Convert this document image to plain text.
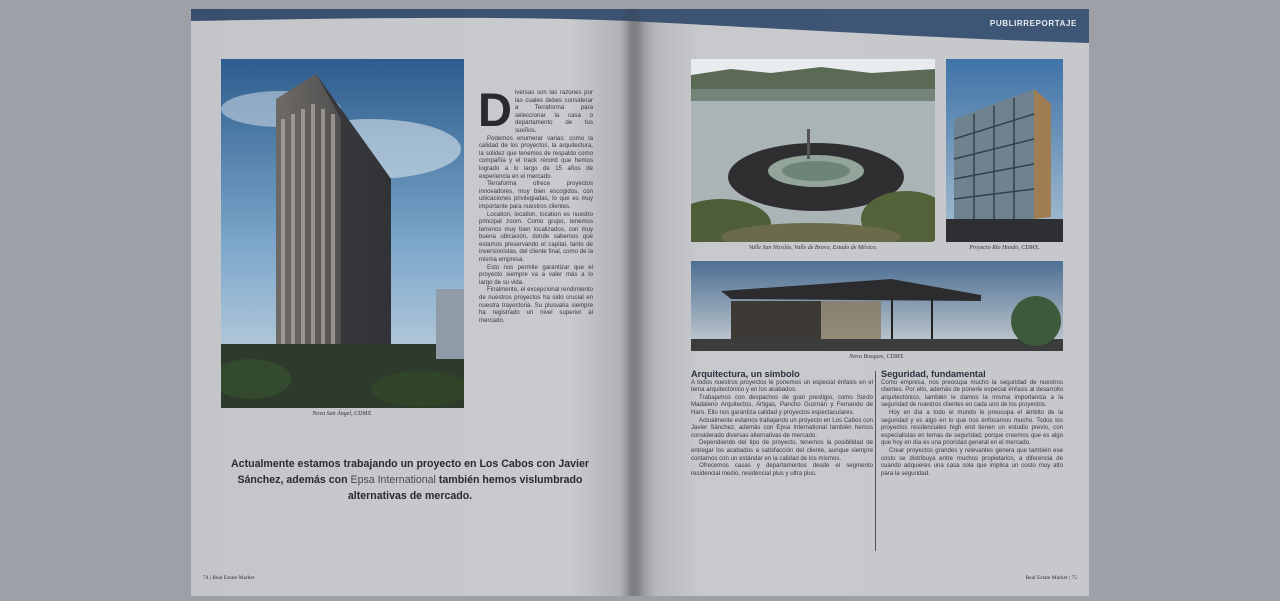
PUBLIRREPORTAJE
Nova San Ángel, CDMX.
D iversas son las razones por las cuales debes considerar a Terraforma para seleccionar la casa o departamento de tus sueños.

Podemos enumerar varias: como la calidad de los proyectos, la arquitectura, la solidez que tenemos de respaldo como compañía y el track récord que hemos logrado a lo largo de 15 años de experiencia en el mercado.

Terraforma ofrece proyectos innovadores, muy bien escogidos, con ubicaciones privilegiadas, lo que es muy importante para nuestros clientes.

Location, location, location es nuestro principal zoom. Como grupo, tenemos terrenos muy bien localizados, con muy buena ubicación, donde sabemos que estamos preservando el capital, tanto de inversionistas, del cliente final, como de la misma empresa.

Esto nos permite garantizar que el proyecto siempre va a valer más a lo largo de su vida.

Finalmente, el excepcional rendimiento de nuestros proyectos ha sido crucial en nuestra trayectoria. Su plusvalía siempre ha registrado un nivel superior al mercado.

Actualmente estamos trabajando un proyecto en Los Cabos con Javier Sánchez, además con Epsa International también hemos vislumbrado alternativas de mercado.
74 | Real Estate Market
Valle San Nicolás, Valle de Bravo, Estado de México.	Proyecto Río Hondo, CDMX.
Nova Bosques, CDMX.

Arquitectura, un símbolo

A todos nuestros proyectos le ponemos un especial énfasis en el tema arquitectónico y en los acabados.

Trabajamos con despachos de gran prestigio, como Sordo Madaleno Arquitectos, Artigas, Pancho Guzmán y Fernando de Haro. Ello nos garantiza calidad y proyectos espectaculares.

Actualmente estamos trabajando un proyecto en Los Cabos con Javier Sánchez, además con Epsa International también hemos considerado diversas alternativas de mercado.

Dependiendo del tipo de proyecto, tenemos la posibilidad de entregar los acabados a satisfacción del cliente, aunque siempre contamos con un estándar en la calidad de los mismos.

Ofrecemos casas y departamentos desde el segmento residencial medio, residencial plus y ultra plus.

Seguridad, fundamental

Como empresa, nos preocupa mucho la seguridad de nuestros clientes. Por ello, además de ponerle especial énfasis al desarrollo arquitectónico, también le damos la misma importancia a la seguridad de nuestros clientes en cada uno de los proyectos.

Hoy en día a todo el mundo le preocupa el ámbito de la seguridad y es algo en lo que nos enfocamos mucho. Todos los proyectos residenciales high end tienen un estudio previo, con especialistas en temas de seguridad, porque creemos que es algo que hoy en día es una prioridad general en el mercado.

Crear proyectos grandes y relevantes genera que también ese costo se distribuya entre muchos propietarios, a diferencia de cuando adquieres una casa sola que implica un costo muy alto para la seguridad.

Real Estate Market | 75
